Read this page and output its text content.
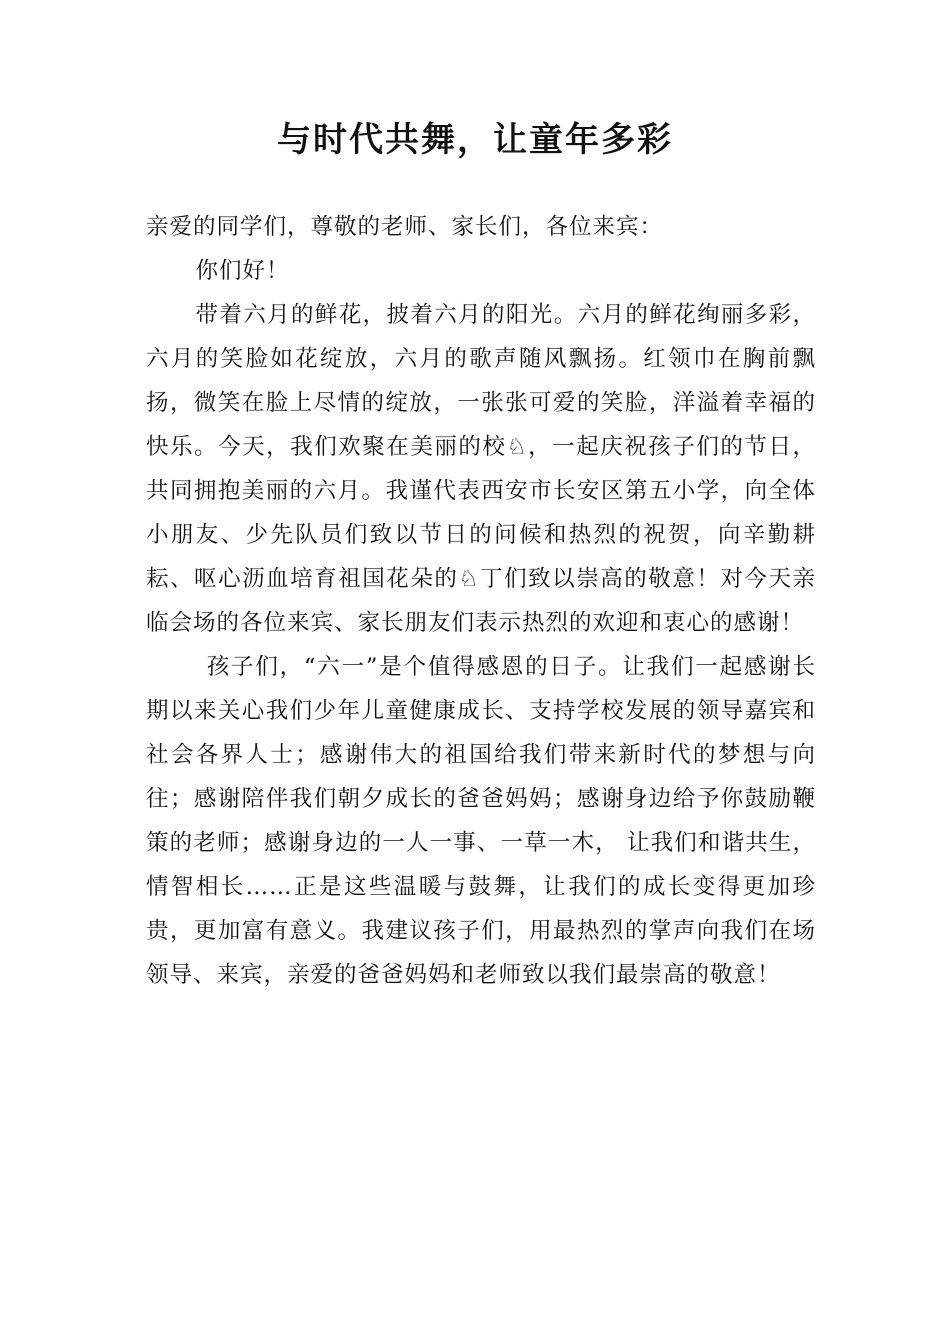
与时代共舞，让童年多彩

亲爱的同学们，尊敬的老师、家长们，各位来宾：

你们好！

带着六月的鲜花，披着六月的阳光。六月的鲜花绚丽多彩，六月的笑脸如花绽放，六月的歌声随风飘扬。红领巾在胸前飘扬，微笑在脸上尽情的绽放，一张张可爱的笑脸，洋溢着幸福的快乐。今天，我们欢聚在美丽的校♘，一起庆祝孩子们的节日，共同拥抱美丽的六月。我谨代表西安市长安区第五小学，向全体小朋友、少先队员们致以节日的问候和热烈的祝贺，向辛勤耕耘、呕心沥血培育祖国花朵的♘丁们致以崇高的敬意！对今天亲临会场的各位来宾、家长朋友们表示热烈的欢迎和衷心的感谢！

孩子们，“六一”是个值得感恩的日子。让我们一起感谢长期以来关心我们少年儿童健康成长、支持学校发展的领导嘉宾和社会各界人士；感谢伟大的祖国给我们带来新时代的梦想与向往；感谢陪伴我们朝夕成长的爸爸妈妈；感谢身边给予你鼓励鞭策的老师；感谢身边的一人一事、一草一木， 让我们和谐共生，情智相长……正是这些温暖与鼓舞，让我们的成长变得更加珍贵，更加富有意义。我建议孩子们，用最热烈的掌声向我们在场领导、来宾，亲爱的爸爸妈妈和老师致以我们最崇高的敬意！
